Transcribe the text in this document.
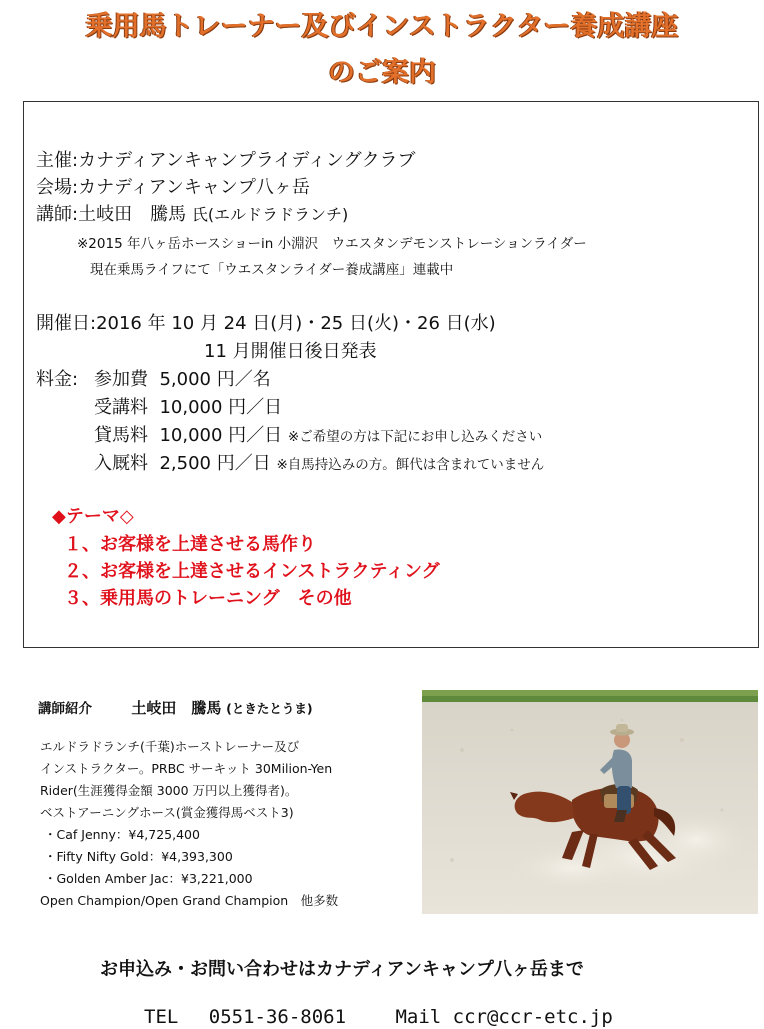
乗用馬トレーナー及びインストラクター養成講座
のご案内
主催:カナディアンキャンプライディングクラブ
会場:カナディアンキャンプ八ヶ岳
講師:土岐田　騰馬 氏(エルドラドランチ)
※2015 年八ヶ岳ホースショーin 小淵沢　ウエスタンデモンストレーションライダー
現在乗馬ライフにて「ウエスタンライダー養成講座」連載中
開催日:2016 年 10 月 24 日(月)・25 日(火)・26 日(水)
11 月開催日後日発表
料金: 参加費 5,000 円／名
受講料 10,000 円／日
貸馬料 10,000 円／日 ※ご希望の方は下記にお申し込みください
入厩料 2,500 円／日 ※自馬持込みの方。餌代は含まれていません
◆テーマ◇
１、お客様を上達させる馬作り
２、お客様を上達させるインストラクティング
３、乗用馬のトレーニング　その他
講師紹介	土岐田　騰馬 (ときたとうま)
エルドラドランチ(千葉)ホーストレーナー及び
インストラクター。PRBC サーキット 30Milion-Yen
Rider(生涯獲得金額 3000 万円以上獲得者)。
ベストアーニングホース(賞金獲得馬ベスト3)
・Caf Jenny：¥4,725,400
・Fifty Nifty Gold：¥4,393,300
・Golden Amber Jac：¥3,221,000
Open Champion/Open Grand Champion　他多数
お申込み・お問い合わせはカナディアンキャンプ八ヶ岳まで
TEL　 0551-36-8061　 　Mail ccr@ccr-etc.jp
